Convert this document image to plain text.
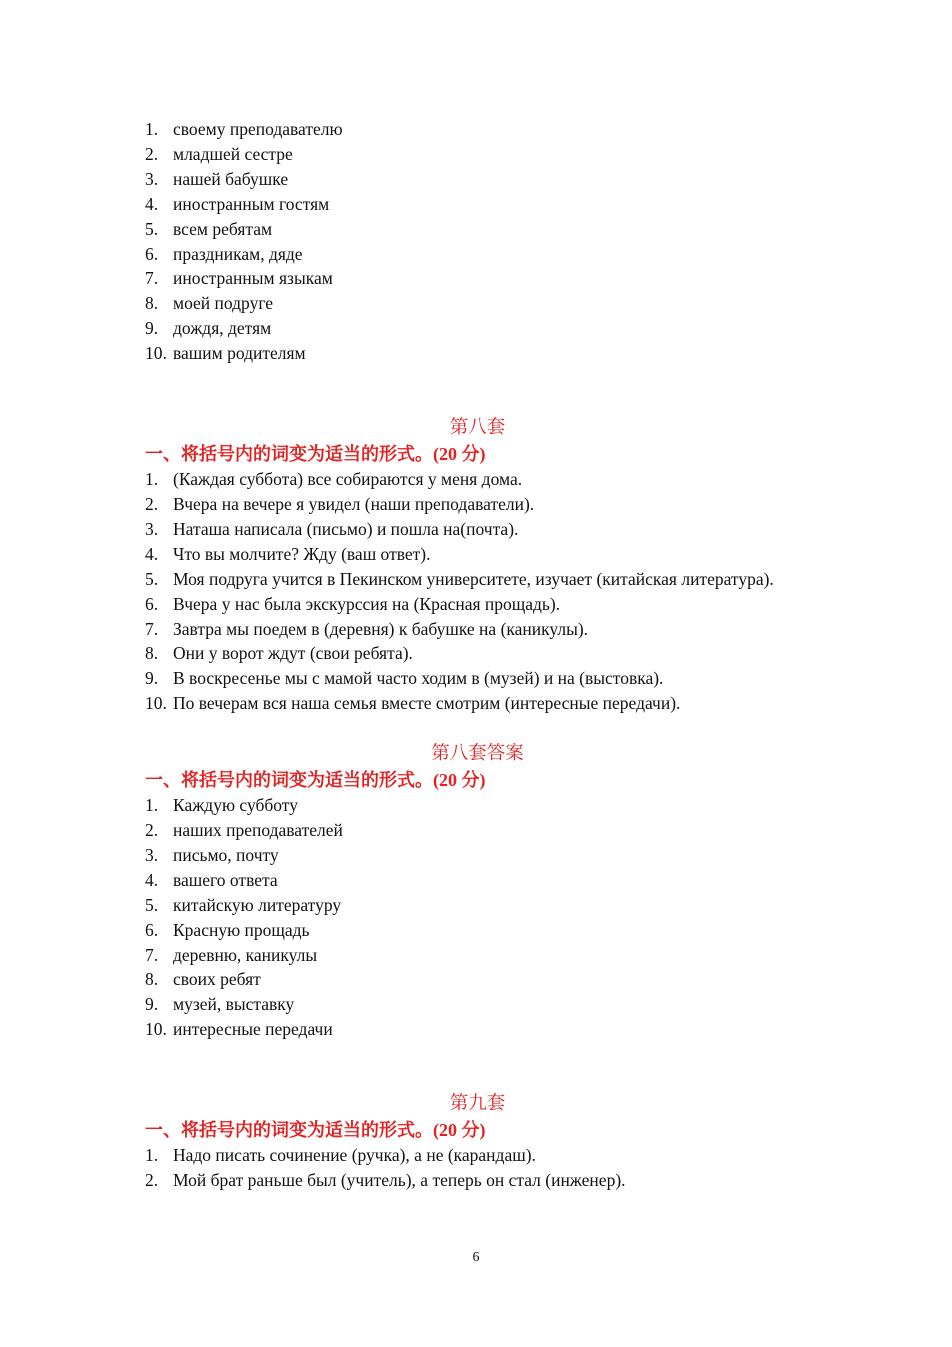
1. своему преподавателю
2. младшей сестре
3. нашей бабушке
4. иностранным гостям
5. всем ребятам
6. праздникам, дяде
7. иностранным языкам
8. моей подруге
9. дождя, детям
10. вашим родителям
第八套
一、将括号内的词变为适当的形式。(20 分)
1. (Каждая суббота) все собираются у меня дома.
2. Вчера на вечере я увидел (наши преподаватели).
3. Наташа написала (письмо) и пошла на(почта).
4. Что вы молчите? Жду (ваш ответ).
5. Моя подруга учится в Пекинском университете, изучает (китайская литература).
6. Вчера у нас была экскурссия на (Красная прощадь).
7. Завтра мы поедем в (деревня) к бабушке на (каникулы).
8. Они у ворот ждут (свои ребята).
9. В воскресенье мы с мамой часто ходим в (музей) и на (выстовка).
10. По вечерам вся наша семья вместе смотрим (интересные передачи).
第八套答案
一、将括号内的词变为适当的形式。(20 分)
1. Каждую субботу
2. наших преподавателей
3. письмо, почту
4. вашего ответа
5. китайскую литературу
6. Красную прощадь
7. деревню, каникулы
8. своих ребят
9. музей, выставку
10. интересные передачи
第九套
一、将括号内的词变为适当的形式。(20 分)
1. Надо писать сочинение (ручка), а не (карандаш).
2. Мой брат раньше был (учитель), а теперь он стал (инженер).
6
